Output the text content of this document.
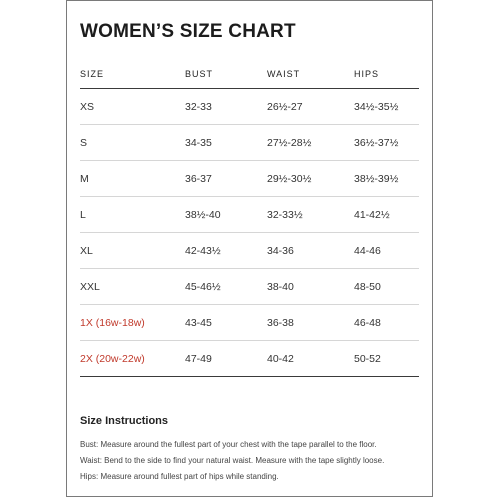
WOMEN’S SIZE CHART
SIZE	BUST	WAIST	HIPS
XS	32-33	26½-27	34½-35½
S	34-35	27½-28½	36½-37½
M	36-37	29½-30½	38½-39½
L	38½-40	32-33½	41-42½
XL	42-43½	34-36	44-46
XXL	45-46½	38-40	48-50
1X (16w-18w)	43-45	36-38	46-48
2X (20w-22w)	47-49	40-42	50-52
Size Instructions
Bust: Measure around the fullest part of your chest with the tape parallel to the floor.
Waist: Bend to the side to find your natural waist. Measure with the tape slightly loose.
Hips: Measure around fullest part of hips while standing.
